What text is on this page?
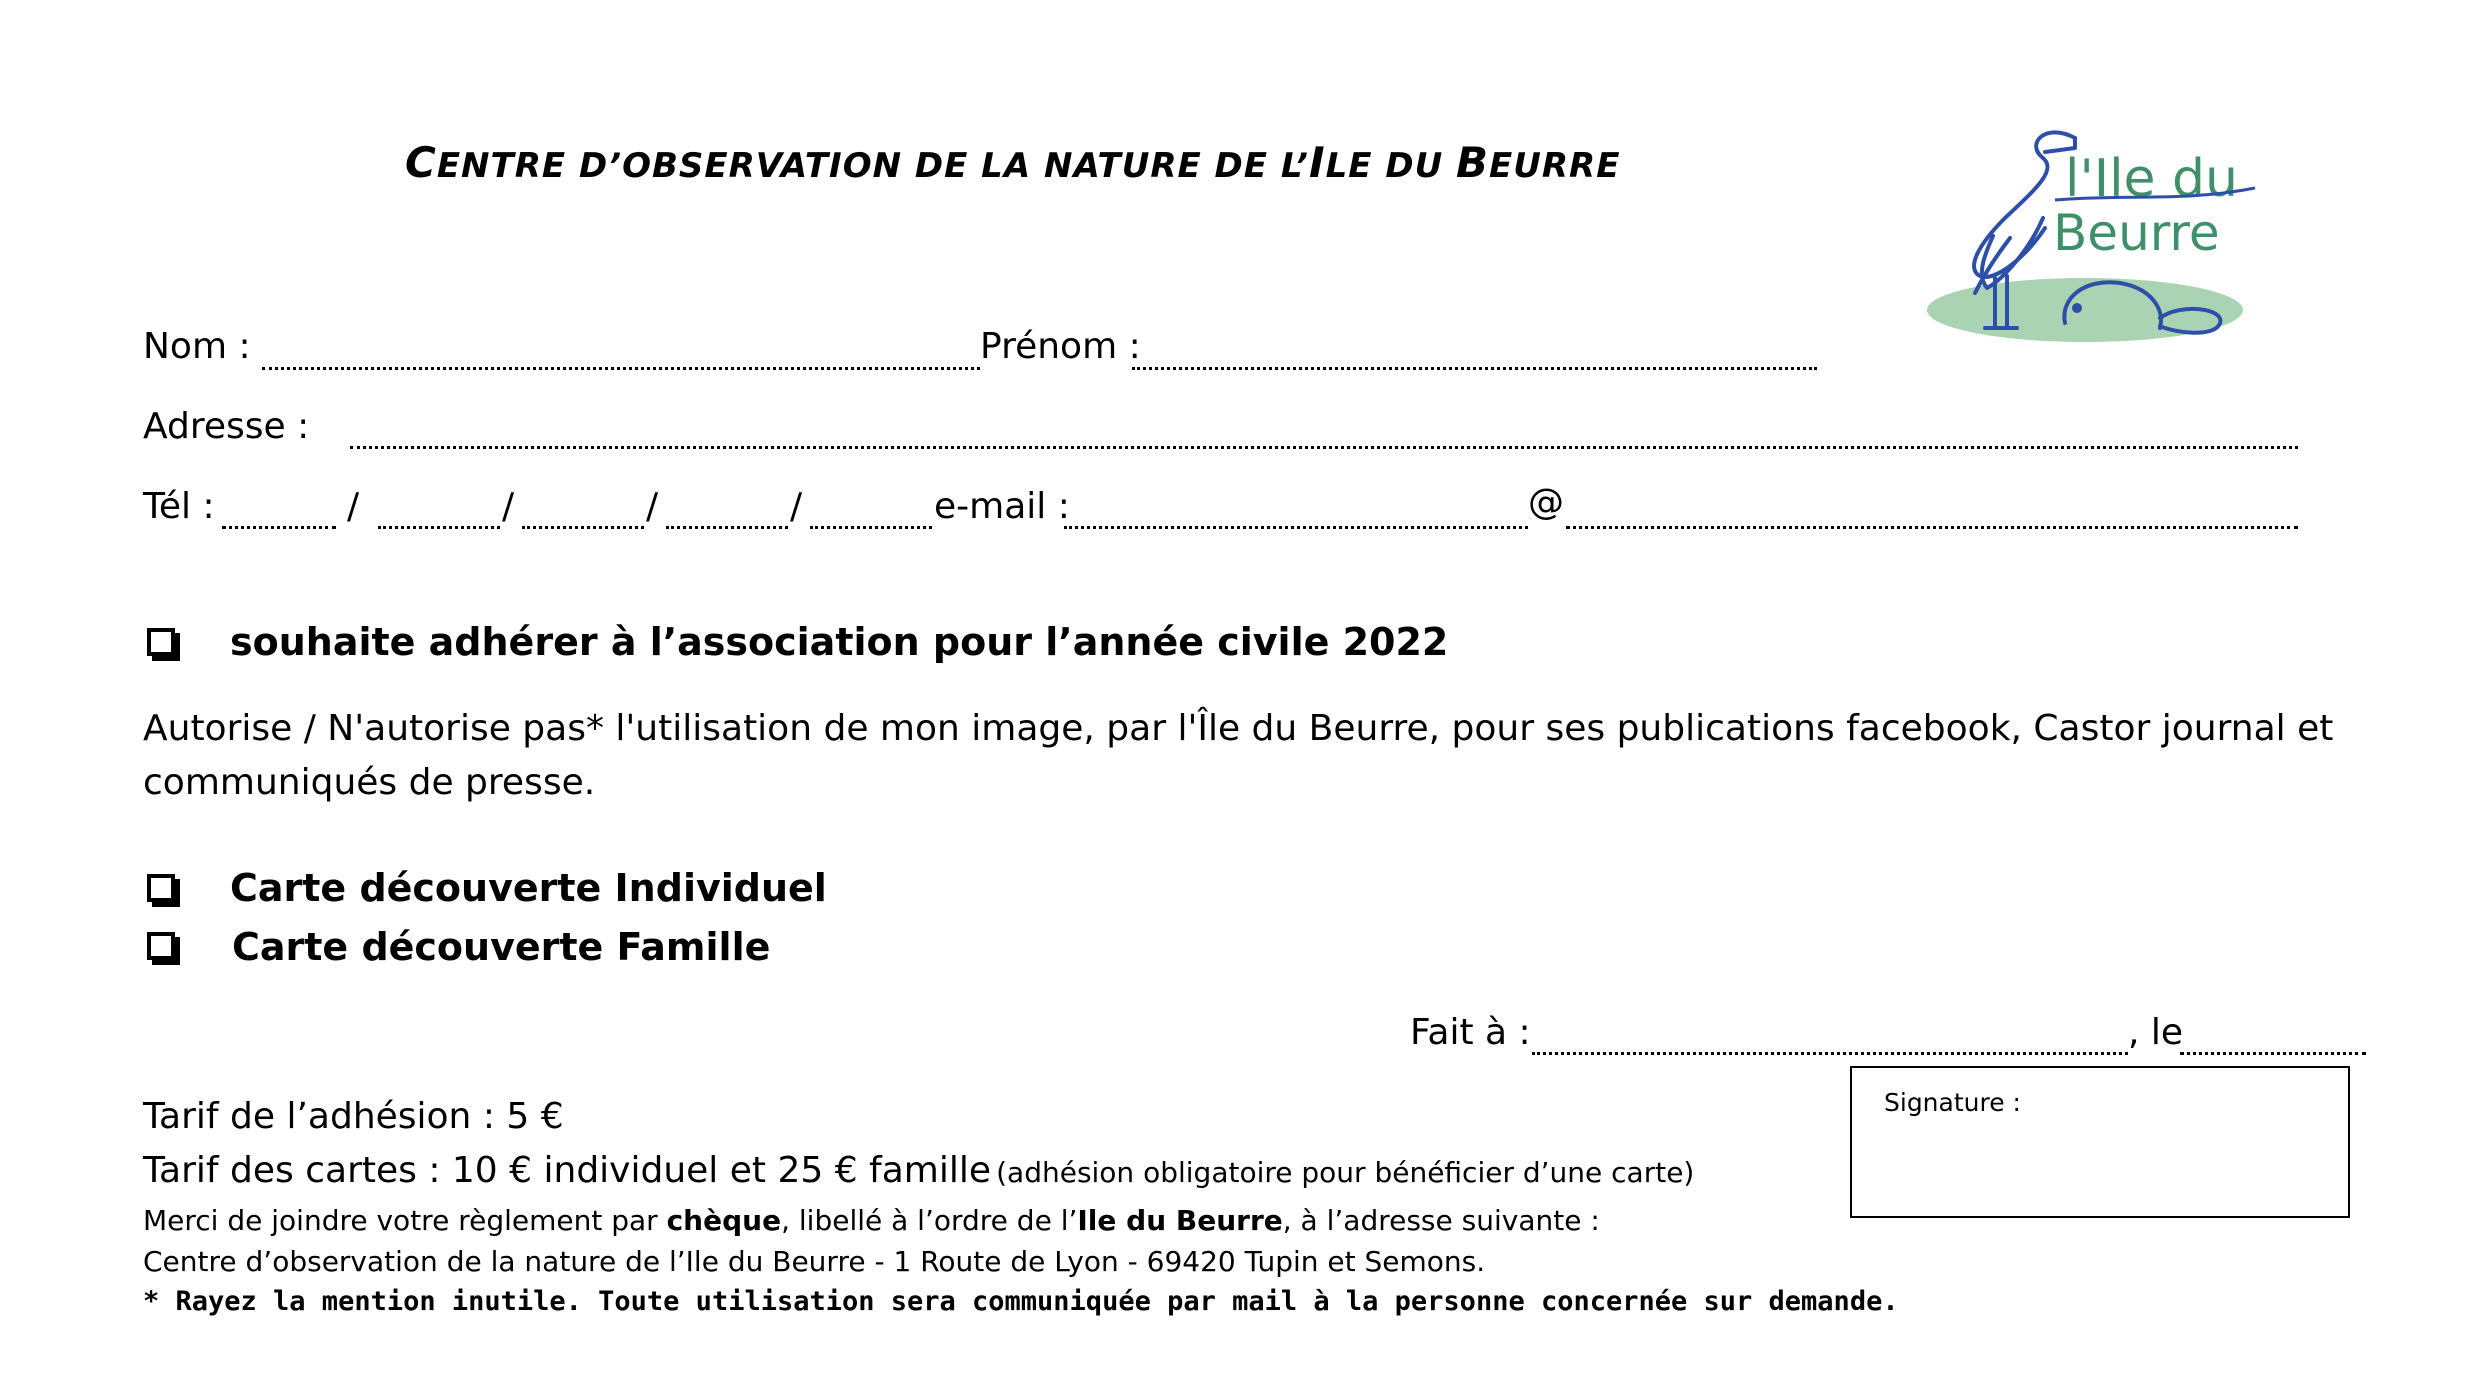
CENTRE D’OBSERVATION DE LA NATURE DE L’ILE DU BEURRE	l'Ile du
Beurre
Nom :	Prénom :
Adresse :
Tél :	/	/	/	/	e-mail :	@
souhaite adhérer à l’association pour l’année civile 2022
Autorise / N'autorise pas* l'utilisation de mon image, par l'Île du Beurre, pour ses publications facebook, Castor journal et communiqués de presse.
Carte découverte Individuel
Carte découverte Famille
Fait à :	, le
Signature :
Tarif de l’adhésion : 5 €
Tarif des cartes : 10 € individuel et 25 € famille (adhésion obligatoire pour bénéficier d’une carte)
Merci de joindre votre règlement par chèque, libellé à l’ordre de l’Ile du Beurre, à l’adresse suivante :
Centre d’observation de la nature de l’Ile du Beurre - 1 Route de Lyon - 69420 Tupin et Semons.
* Rayez la mention inutile. Toute utilisation sera communiquée par mail à la personne concernée sur demande.
